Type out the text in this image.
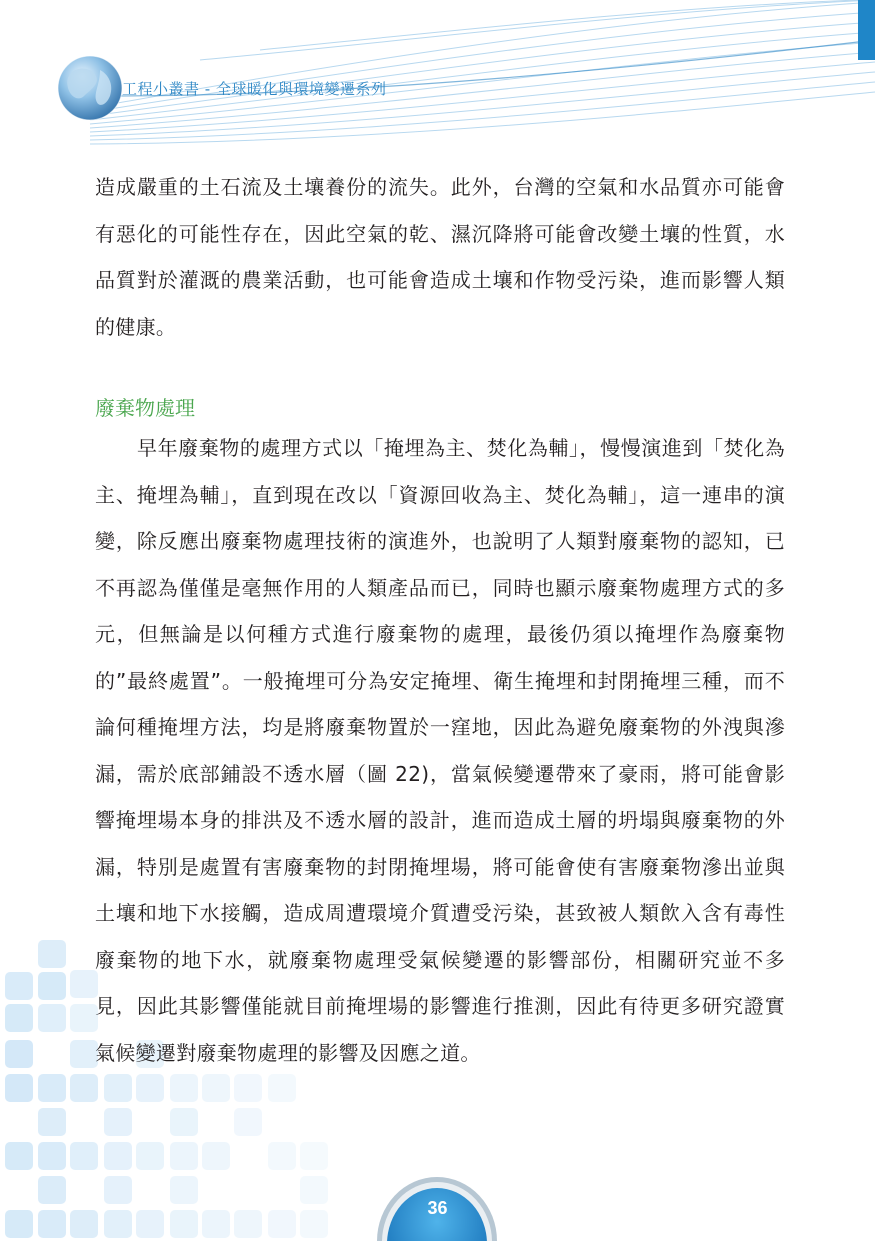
工程小叢書 - 全球暖化與環境變遷系列

造成嚴重的土石流及土壤養份的流失。此外，台灣的空氣和水品質亦可能會有惡化的可能性存在，因此空氣的乾、濕沉降將可能會改變土壤的性質，水品質對於灌溉的農業活動，也可能會造成土壤和作物受污染，進而影響人類的健康。

廢棄物處理

早年廢棄物的處理方式以「掩埋為主、焚化為輔」，慢慢演進到「焚化為主、掩埋為輔」，直到現在改以「資源回收為主、焚化為輔」，這一連串的演變，除反應出廢棄物處理技術的演進外，也說明了人類對廢棄物的認知，已不再認為僅僅是毫無作用的人類產品而已，同時也顯示廢棄物處理方式的多元，但無論是以何種方式進行廢棄物的處理，最後仍須以掩埋作為廢棄物的”最終處置”。一般掩埋可分為安定掩埋、衛生掩埋和封閉掩埋三種，而不論何種掩埋方法，均是將廢棄物置於一窪地，因此為避免廢棄物的外洩與滲漏，需於底部鋪設不透水層（圖 22)，當氣候變遷帶來了豪雨，將可能會影響掩埋場本身的排洪及不透水層的設計，進而造成土層的坍塌與廢棄物的外漏，特別是處置有害廢棄物的封閉掩埋場，將可能會使有害廢棄物滲出並與土壤和地下水接觸，造成周遭環境介質遭受污染，甚致被人類飲入含有毒性廢棄物的地下水，就廢棄物處理受氣候變遷的影響部份，相關研究並不多見，因此其影響僅能就目前掩埋場的影響進行推測，因此有待更多研究證實氣候變遷對廢棄物處理的影響及因應之道。

36
